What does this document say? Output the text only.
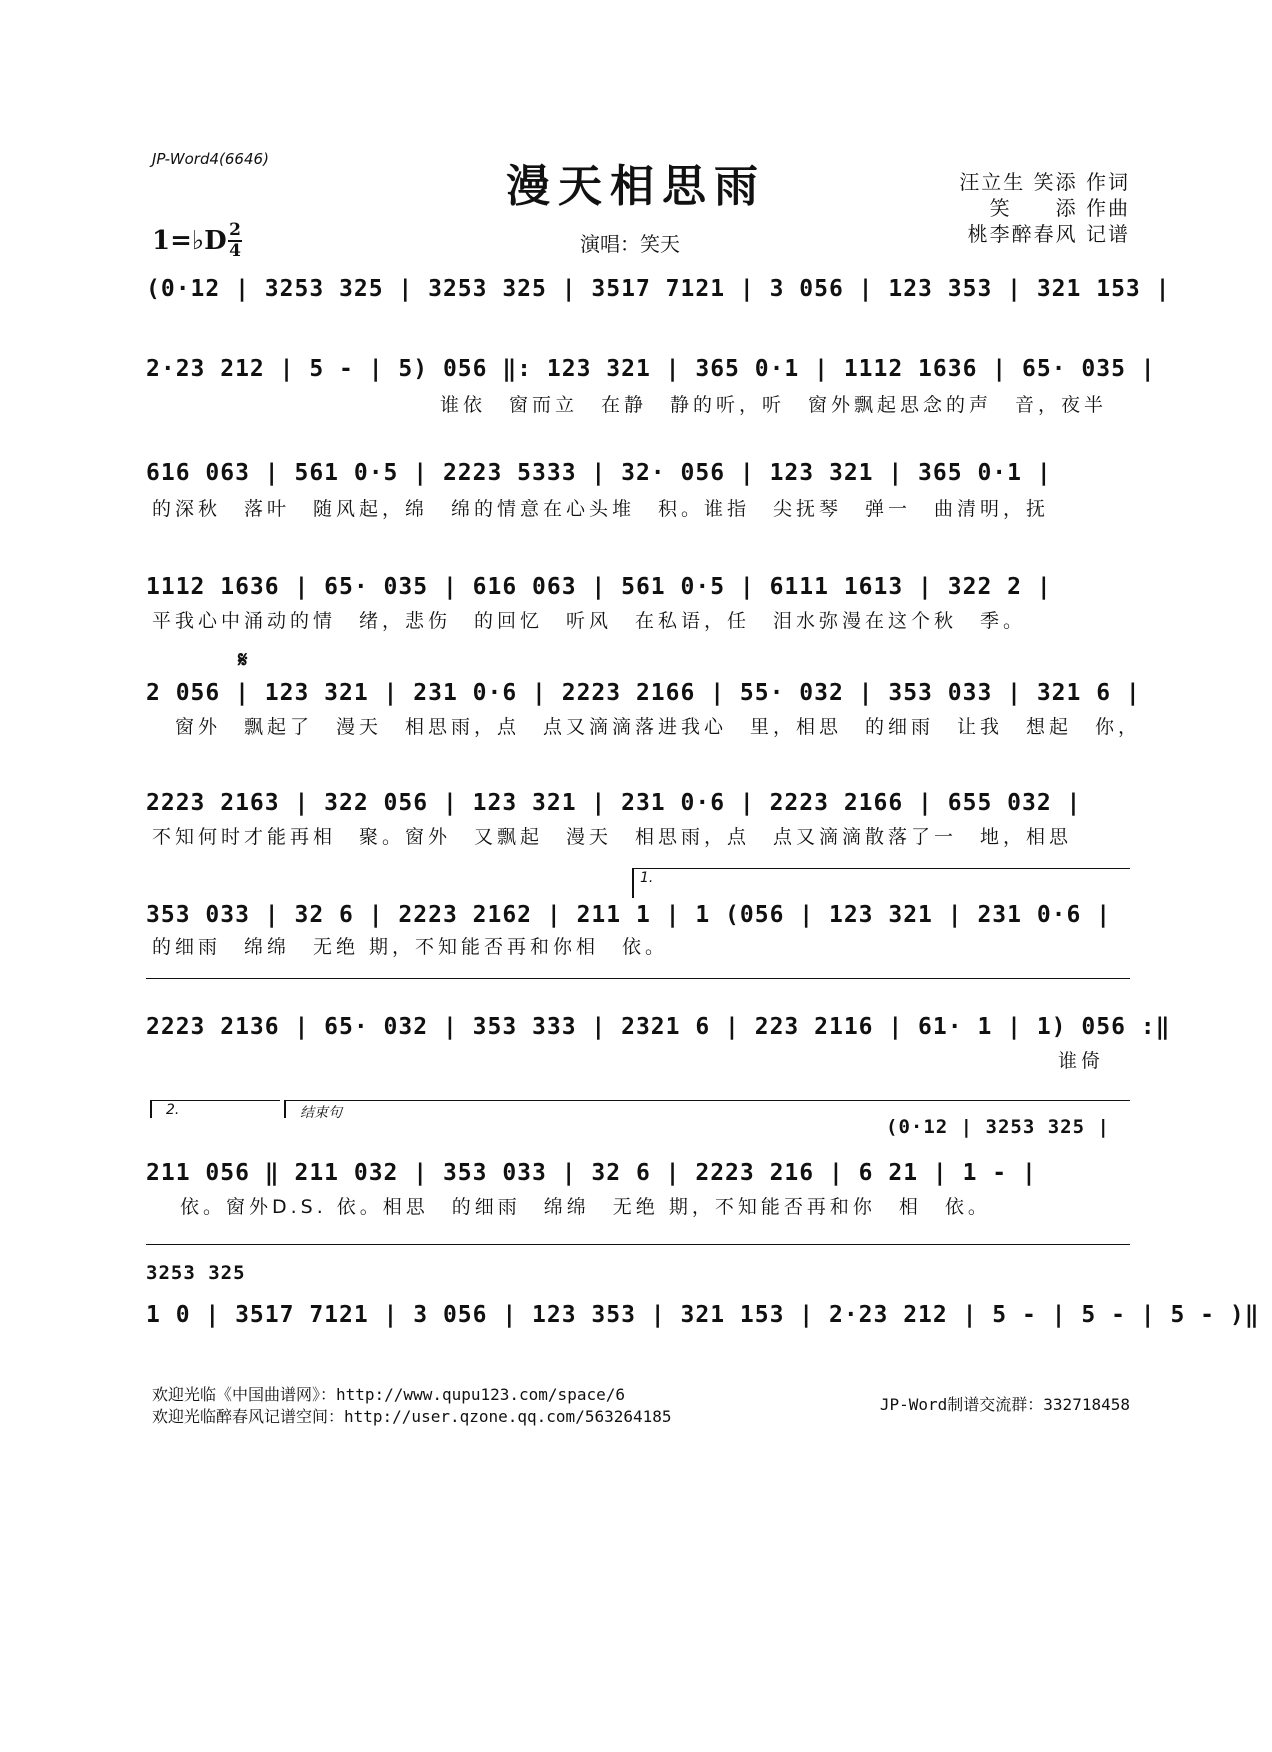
JP-Word4(6646)
漫天相思雨
1=♭D 2
4	演唱：笑天
汪立生 笑添 作词
笑　　添 作曲
桃李醉春风 记谱
(0·12 | 3253 325 | 3253 325 | 3517 7121 | 3 056 | 123 353 | 321 153 |
2·23 212 | 5 - | 5) 056 ‖: 123 321 | 365 0·1 | 1112 1636 | 65· 035 |
谁依　窗而立　在静　静的听，听　窗外飘起思念的声　音，夜半
616 063 | 561 0·5 | 2223 5333 | 32· 056 | 123 321 | 365 0·1 |
的深秋　落叶　随风起，绵　绵的情意在心头堆　积。谁指　尖抚琴　弹一　曲清明，抚
1112 1636 | 65· 035 | 616 063 | 561 0·5 | 6111 1613 | 322 2 |
平我心中涌动的情　绪，悲伤　的回忆　听风　在私语，任　泪水弥漫在这个秋　季。
𝄋
2 056 | 123 321 | 231 0·6 | 2223 2166 | 55· 032 | 353 033 | 321 6 |
　窗外　飘起了　漫天　相思雨，点　点又滴滴落进我心　里，相思　的细雨　让我　想起　你，
2223 2163 | 322 056 | 123 321 | 231 0·6 | 2223 2166 | 655 032 |
不知何时才能再相　聚。窗外　又飘起　漫天　相思雨，点　点又滴滴散落了一　地，相思
1.
353 033 | 32 6 | 2223 2162 | 211 1 | 1 (056 | 123 321 | 231 0·6 |
的细雨　绵绵　无绝 期，不知能否再和你相　依。
2223 2136 | 65· 032 | 353 333 | 2321 6 | 223 2116 | 61· 1 | 1) 056 :‖
谁倚
2.	结束句
(0·12 | 3253 325 |
211 056 ‖ 211 032 | 353 033 | 32 6 | 2223 216 | 6 21 | 1 - |
依。窗外D.S. 依。相思　的细雨　绵绵　无绝 期，不知能否再和你　相　依。
3253 325
1 0 | 3517 7121 | 3 056 | 123 353 | 321 153 | 2·23 212 | 5 - | 5 - | 5 - )‖
欢迎光临《中国曲谱网》：http://www.qupu123.com/space/6
欢迎光临醉春风记谱空间：http://user.qzone.qq.com/563264185
JP-Word制谱交流群：332718458
